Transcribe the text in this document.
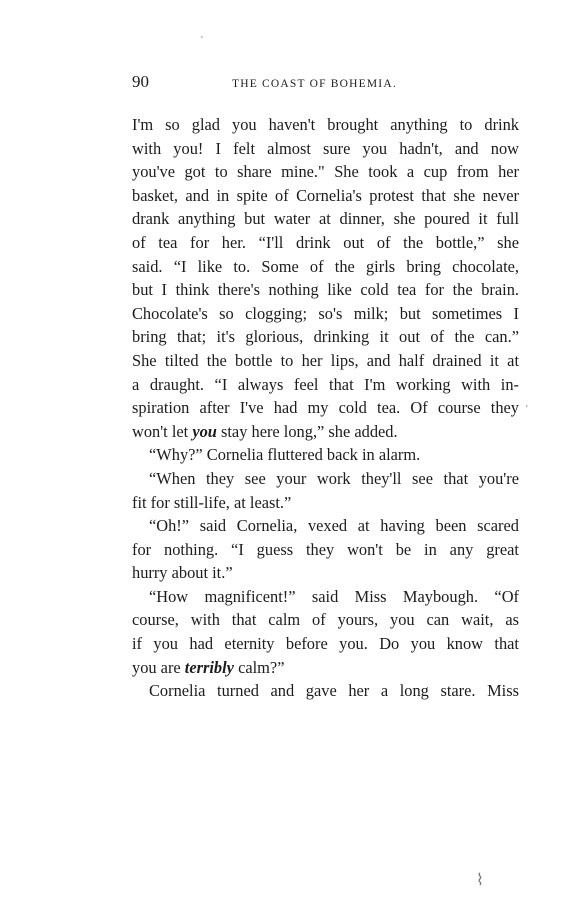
'
90	THE COAST OF BOHEMIA.
I'm so glad you haven't brought anything to drink
with you! I felt almost sure you hadn't, and now
you've got to share mine." She took a cup from her
basket, and in spite of Cornelia's protest that she never
drank anything but water at dinner, she poured it full
of tea for her. “I'll drink out of the bottle,” she
said. “I like to. Some of the girls bring chocolate,
but I think there's nothing like cold tea for the brain.
Chocolate's so clogging; so's milk; but sometimes I
bring that; it's glorious, drinking it out of the can.”
She tilted the bottle to her lips, and half drained it at
a draught. “I always feel that I'm working with in-
spiration after I've had my cold tea. Of course they
won't let you stay here long,” she added.
“Why?” Cornelia fluttered back in alarm.
“When they see your work they'll see that you're
fit for still-life, at least.”
“Oh!” said Cornelia, vexed at having been scared
for nothing. “I guess they won't be in any great
hurry about it.”
“How magnificent!” said Miss Maybough. “Of
course, with that calm of yours, you can wait, as
if you had eternity before you. Do you know that
you are terribly calm?”
Cornelia turned and gave her a long stare. Miss
'
⌇
